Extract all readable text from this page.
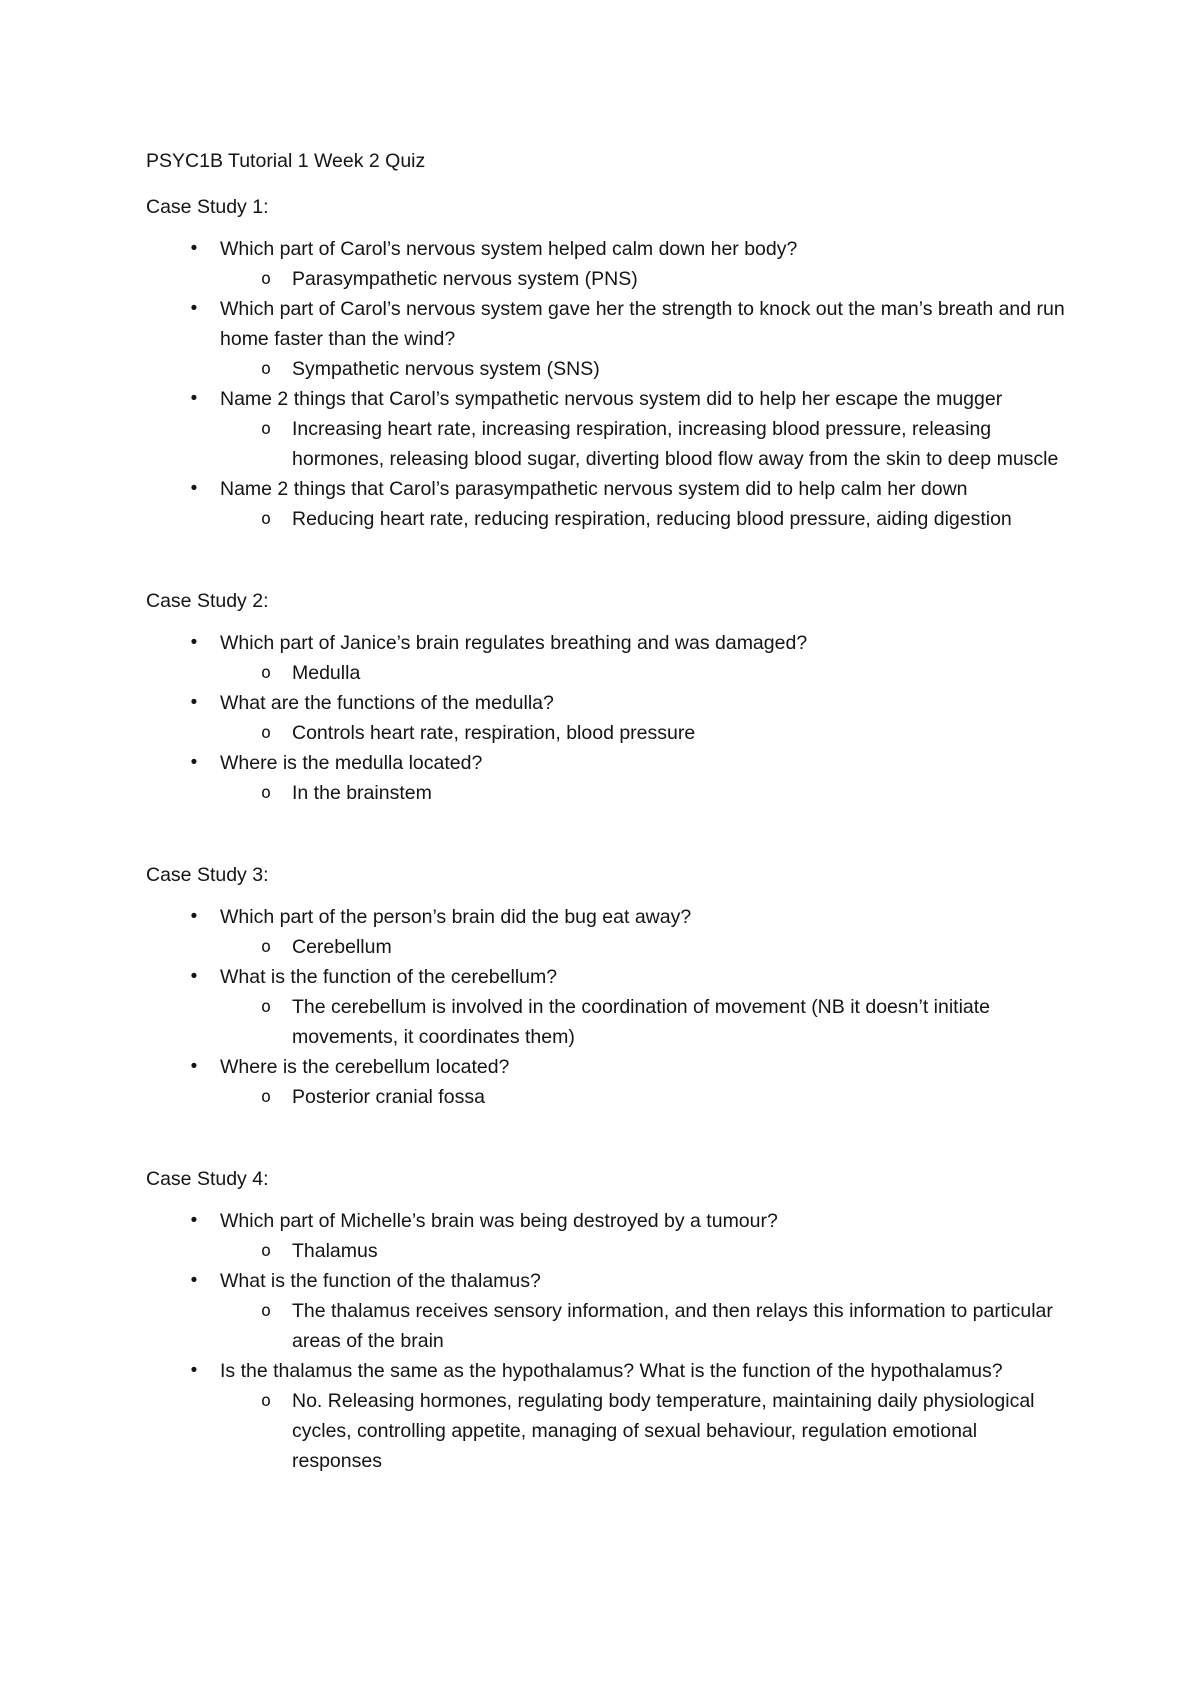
PSYC1B Tutorial 1 Week 2 Quiz

Case Study 1:

•	Which part of Carol’s nervous system helped calm down her body?
o Parasympathetic nervous system (PNS)
•	Which part of Carol’s nervous system gave her the strength to knock out the man’s breath and run home faster than the wind?
o Sympathetic nervous system (SNS)
•	Name 2 things that Carol’s sympathetic nervous system did to help her escape the mugger
o Increasing heart rate, increasing respiration, increasing blood pressure, releasing hormones, releasing blood sugar, diverting blood flow away from the skin to deep muscle
•	Name 2 things that Carol’s parasympathetic nervous system did to help calm her down
o Reducing heart rate, reducing respiration, reducing blood pressure, aiding digestion

Case Study 2:

•	Which part of Janice’s brain regulates breathing and was damaged?
o Medulla
•	What are the functions of the medulla?
o Controls heart rate, respiration, blood pressure
•	Where is the medulla located?
o In the brainstem

Case Study 3:

•	Which part of the person’s brain did the bug eat away?
o Cerebellum
•	What is the function of the cerebellum?
o The cerebellum is involved in the coordination of movement (NB it doesn’t initiate movements, it coordinates them)
•	Where is the cerebellum located?
o Posterior cranial fossa

Case Study 4:

•	Which part of Michelle’s brain was being destroyed by a tumour?
o Thalamus
•	What is the function of the thalamus?
o The thalamus receives sensory information, and then relays this information to particular areas of the brain
•	Is the thalamus the same as the hypothalamus? What is the function of the hypothalamus?
o No. Releasing hormones, regulating body temperature, maintaining daily physiological cycles, controlling appetite, managing of sexual behaviour, regulation emotional responses
